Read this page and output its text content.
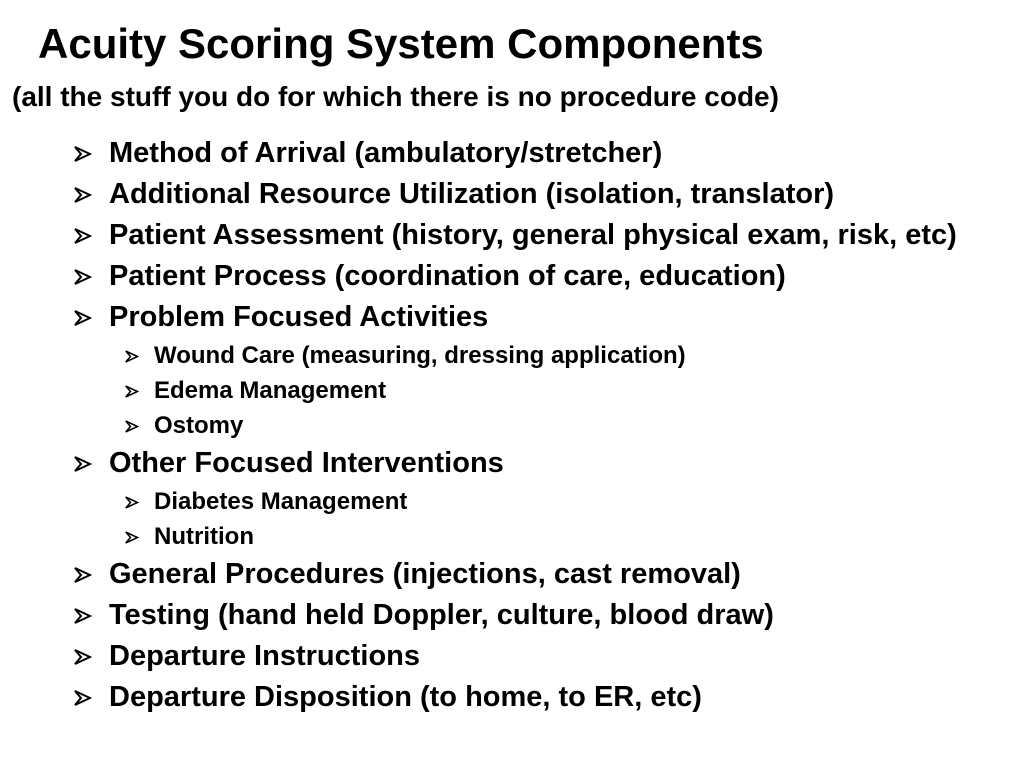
Acuity Scoring System Components
(all the stuff you do for which there is no procedure code)
Method of Arrival (ambulatory/stretcher)
Additional Resource Utilization (isolation, translator)
Patient Assessment (history, general physical exam, risk, etc)
Patient Process (coordination of care, education)
Problem Focused Activities
Wound Care (measuring, dressing application)
Edema Management
Ostomy
Other Focused Interventions
Diabetes Management
Nutrition
General Procedures (injections, cast removal)
Testing (hand held Doppler, culture, blood draw)
Departure Instructions
Departure Disposition (to home, to ER, etc)
